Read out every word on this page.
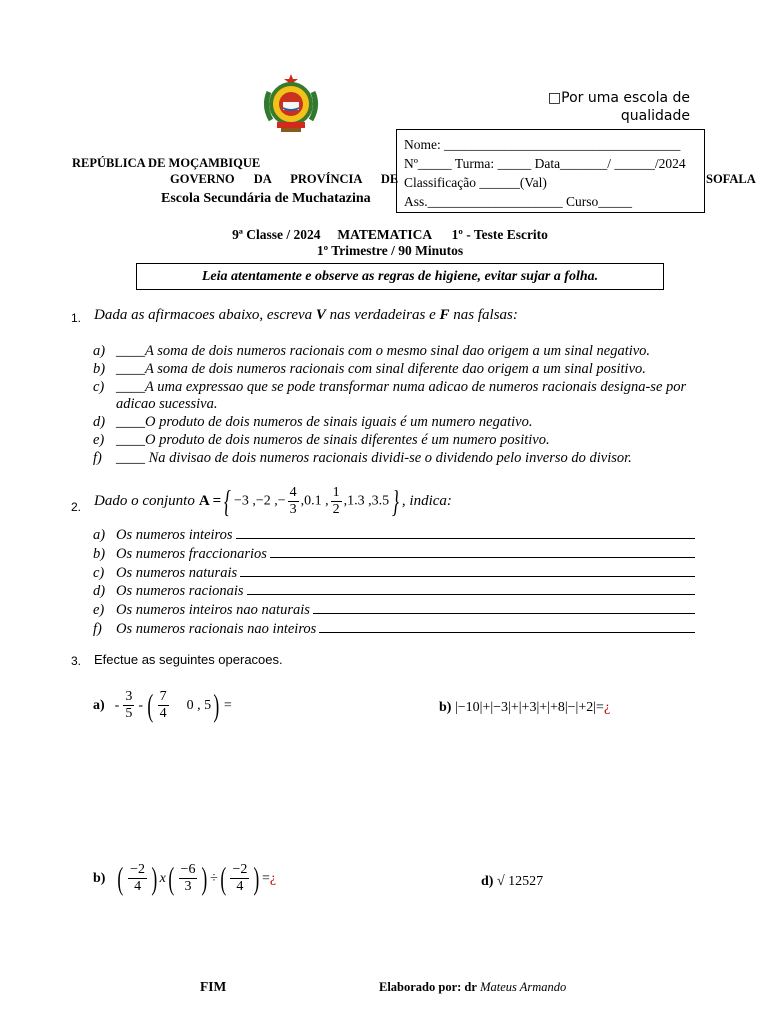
□Por uma escola de qualidade
Nome: ___________________________________
Nº_____ Turma: _____ Data_______/ ______/2024
Classificação ______(Val)
Ass.____________________ Curso_____
REPÚBLICA DE MOÇAMBIQUE
GOVERNO DA PROVÍNCIA DE	SOFALA
Escola Secundária de Muchatazina
9ª Classe / 2024     MATEMATICA      1º - Teste Escrito
1º Trimestre / 90 Minutos
Leia atentamente e observe as regras de higiene, evitar sujar a folha.
1. Dada as afirmacoes abaixo, escreva V nas verdadeiras e F nas falsas:
a) ____A soma de dois numeros racionais com o mesmo sinal dao origem a um sinal negativo.
b) ____A soma de dois numeros racionais com sinal diferente dao origem a um sinal positivo.
c) ____A uma expressao que se pode transformar numa adicao de numeros racionais designa-se por adicao sucessiva.
d) ____O produto de dois numeros de sinais iguais é um numero negativo.
e) ____O produto de dois numeros de sinais diferentes é um numero positivo.
f) ____ Na divisao de dois numeros racionais dividi-se o dividendo pelo inverso do divisor.
2. Dado o conjunto A = { −3 ,−2 ,− $\frac{4}{3} ,0.1$ , $\frac{1}{2} ,1.3$ ,3.5 } , indica:
a) Os numeros inteiros
b) Os numeros fraccionarios
c) Os numeros naturais
d) Os numeros racionais
e) Os numeros inteiros nao naturais
f) Os numeros racionais nao inteiros
3. Efectue as seguintes operacoes.
$a) - \frac{3}{5}$ - ( $\frac{7}{4} 0$ , 5 ) =	b) |−10|+|−3|+|+3|+|+8|−|+2|=¿
b) ( $\frac{-2}{4}$ ) x ( $\frac{-6}{3}$ ) ÷ ( $\frac{-2}{4}$ ) = ¿	d) √ 12527
FIM	Elaborado por: dr Mateus Armando
